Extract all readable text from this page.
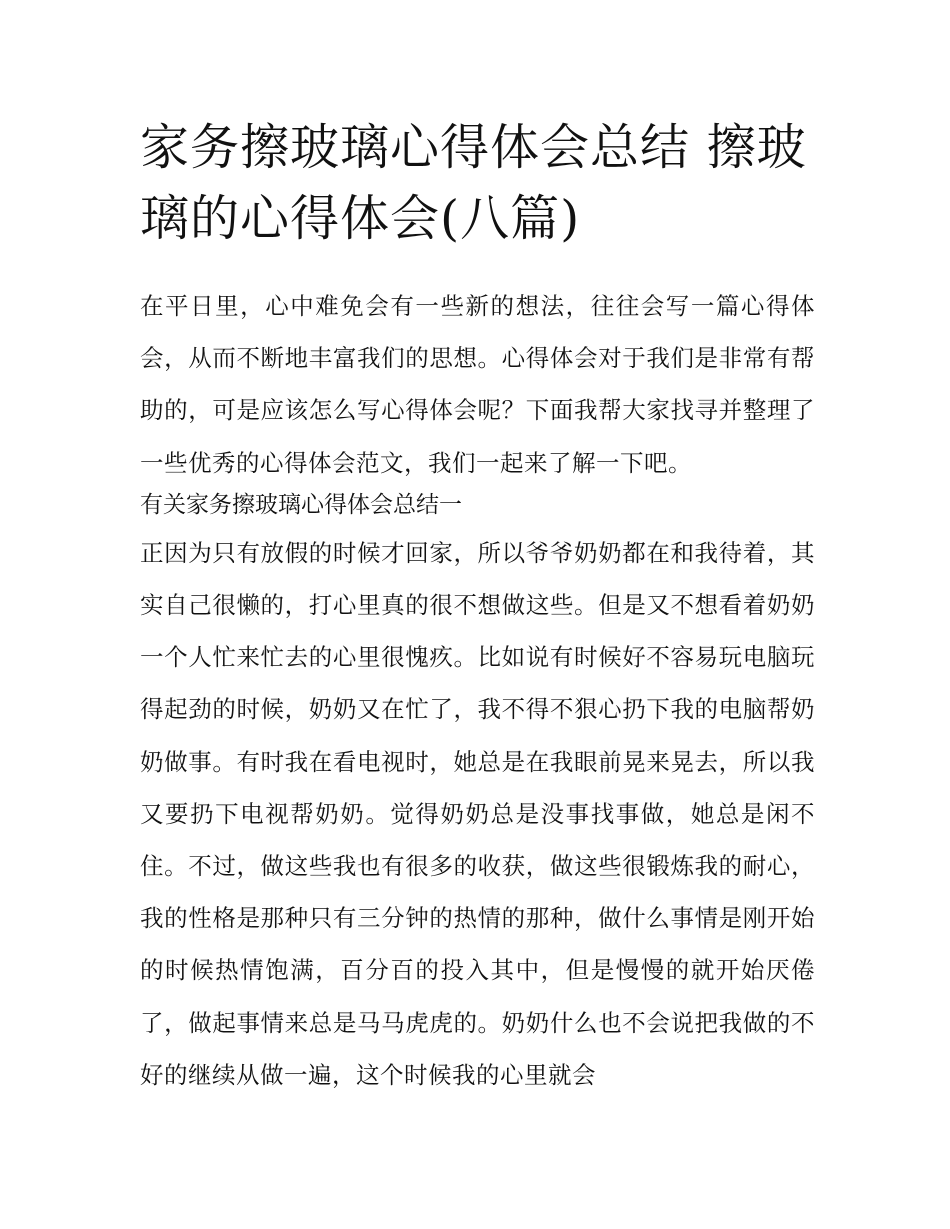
家务擦玻璃心得体会总结 擦玻璃的心得体会(八篇)

在平日里，心中难免会有一些新的想法，往往会写一篇心得体会，从而不断地丰富我们的思想。心得体会对于我们是非常有帮助的，可是应该怎么写心得体会呢？下面我帮大家找寻并整理了一些优秀的心得体会范文，我们一起来了解一下吧。

有关家务擦玻璃心得体会总结一

正因为只有放假的时候才回家，所以爷爷奶奶都在和我待着，其实自己很懒的，打心里真的很不想做这些。但是又不想看着奶奶一个人忙来忙去的心里很愧疚。比如说有时候好不容易玩电脑玩得起劲的时候，奶奶又在忙了，我不得不狠心扔下我的电脑帮奶奶做事。有时我在看电视时，她总是在我眼前晃来晃去，所以我又要扔下电视帮奶奶。觉得奶奶总是没事找事做，她总是闲不住。不过，做这些我也有很多的收获，做这些很锻炼我的耐心，我的性格是那种只有三分钟的热情的那种，做什么事情是刚开始的时候热情饱满，百分百的投入其中，但是慢慢的就开始厌倦了，做起事情来总是马马虎虎的。奶奶什么也不会说把我做的不好的继续从做一遍，这个时候我的心里就会
